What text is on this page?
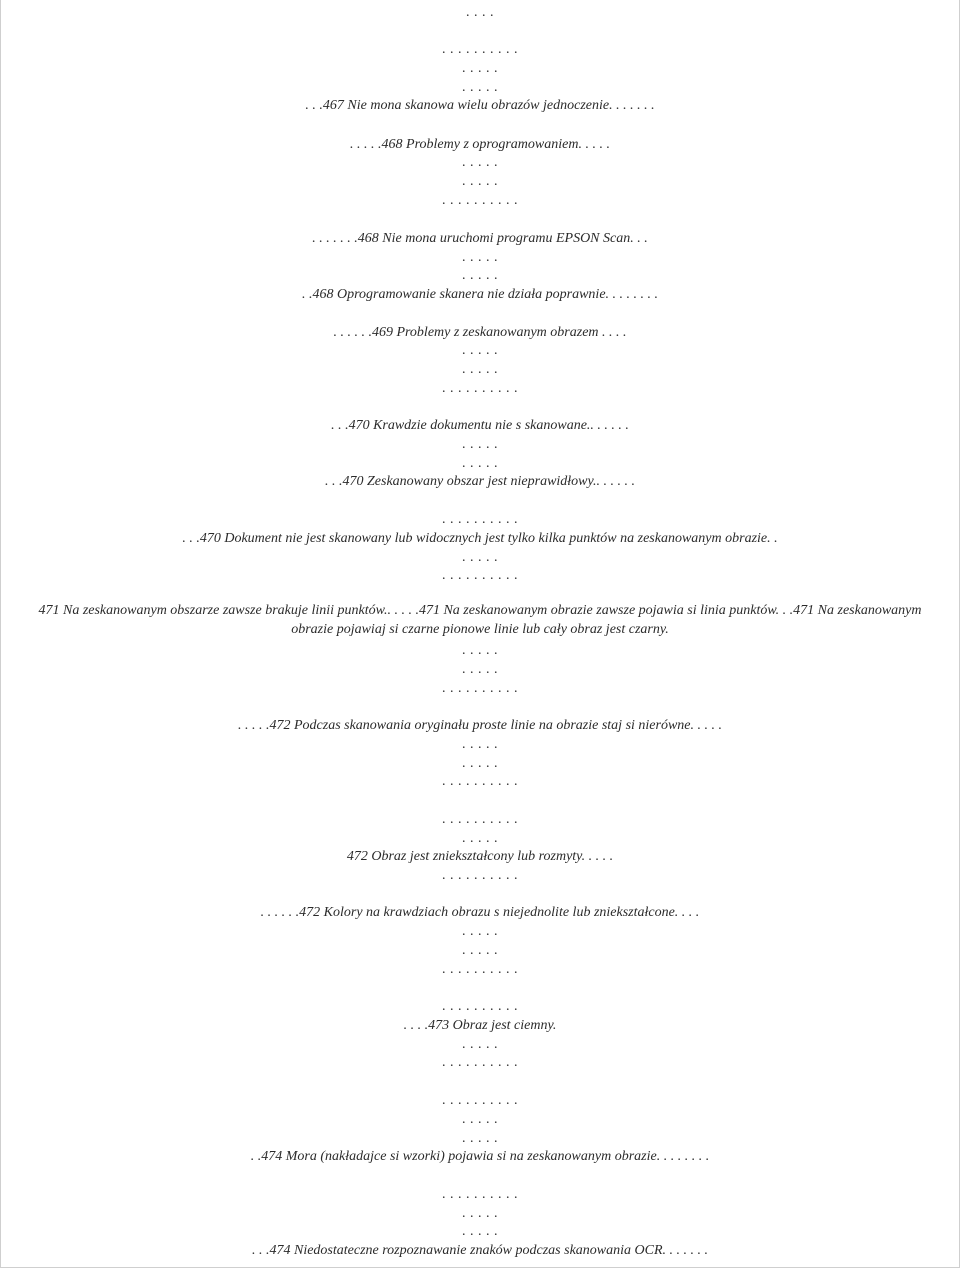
. . . .
. . . . . . . . . .
. . . . .
. . . . .
. . .467 Nie mona skanowa wielu obrazów jednoczenie. . . . . . .
. . . . .468 Problemy z oprogramowaniem. . . . .
. . . . .
. . . . .
. . . . . . . . . .
. . . . . . .468 Nie mona uruchomi programu EPSON Scan. . .
. . . . .
. . . . .
. .468 Oprogramowanie skanera nie działa poprawnie. . . . . . . .
. . . . . .469 Problemy z zeskanowanym obrazem . . . .
. . . . .
. . . . .
. . . . . . . . . .
. . .470 Krawdzie dokumentu nie s skanowane.. . . . . .
. . . . .
. . . . .
. . .470 Zeskanowany obszar jest nieprawidłowy.. . . . . .
. . . . . . . . . .
. . .470 Dokument nie jest skanowany lub widocznych jest tylko kilka punktów na zeskanowanym obrazie. .
. . . . .
. . . . . . . . . .
471 Na zeskanowanym obszarze zawsze brakuje linii punktów.. . . . .471 Na zeskanowanym obrazie zawsze pojawia si linia punktów. . .471 Na zeskanowanym
obrazie pojawiaj si czarne pionowe linie lub cały obraz jest czarny.
. . . . .
. . . . .
. . . . . . . . . .
. . . . .472 Podczas skanowania oryginału proste linie na obrazie staj si nierówne. . . . .
. . . . .
. . . . .
. . . . . . . . . .
. . . . . . . . . .
. . . . .
472 Obraz jest zniekształcony lub rozmyty. . . . .
. . . . . . . . . .
. . . . . .472 Kolory na krawdziach obrazu s niejednolite lub zniekształcone. . . .
. . . . .
. . . . .
. . . . . . . . . .
. . . . . . . . . .
. . . .473 Obraz jest ciemny.
. . . . .
. . . . . . . . . .
. . . . . . . . . .
. . . . .
. . . . .
. .474 Mora (nakładajce si wzorki) pojawia si na zeskanowanym obrazie. . . . . . . .
. . . . . . . . . .
. . . . .
. . . . .
. . .474 Niedostateczne rozpoznawanie znaków podczas skanowania OCR. . . . . . .
